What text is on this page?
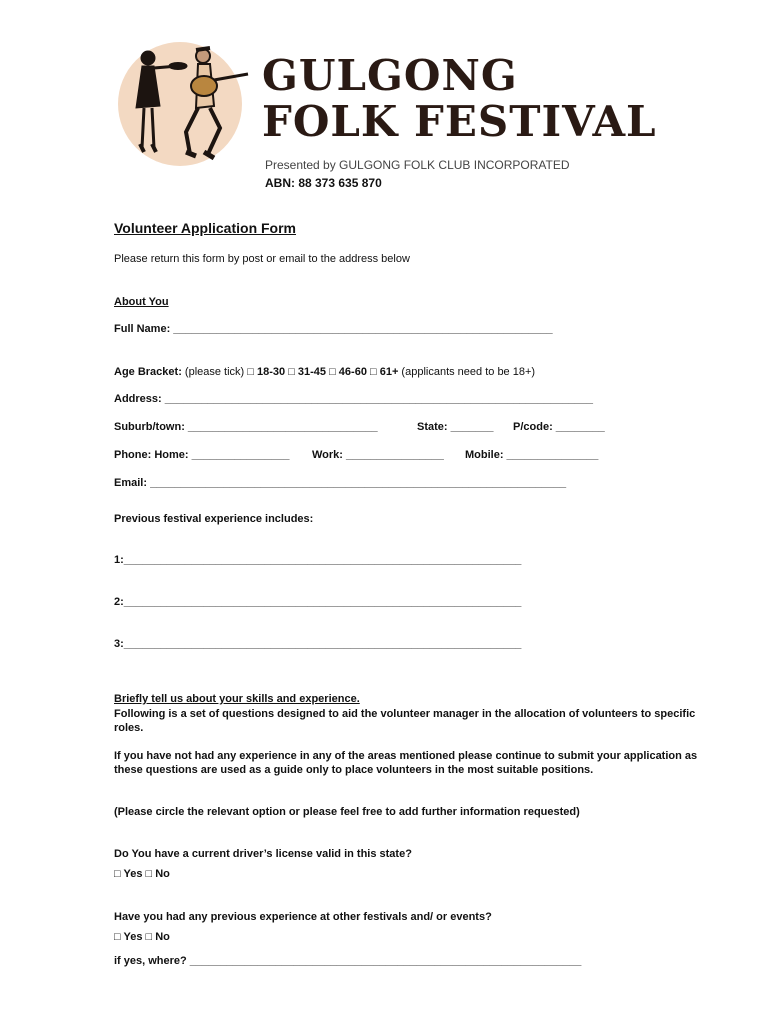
GULGONG
FOLK FESTIVAL
Presented by GULGONG FOLK CLUB INCORPORATED
ABN: 88 373 635 870
Volunteer Application Form
Please return this form by post or email to the address below
About You
Full Name: ______________________________________________________________
Age Bracket: (please tick) □ 18-30 □ 31-45 □ 46-60 □ 61+ (applicants need to be 18+)
Address: ______________________________________________________________________
Suburb/town: _______________________________	State: _______ P/code: ________
Phone: Home: ________________ Work: ________________ Mobile: _______________
Email: ____________________________________________________________________
Previous festival experience includes:
1:_________________________________________________________________
2:_________________________________________________________________
3:_________________________________________________________________
Briefly tell us about your skills and experience.
Following is a set of questions designed to aid the volunteer manager in the allocation of volunteers to specific roles.
If you have not had any experience in any of the areas mentioned please continue to submit your application as these questions are used as a guide only to place volunteers in the most suitable positions.
(Please circle the relevant option or please feel free to add further information requested)
Do You have a current driver’s license valid in this state?
□ Yes □ No
Have you had any previous experience at other festivals and/ or events?
□ Yes □ No
if yes, where? ________________________________________________________________
